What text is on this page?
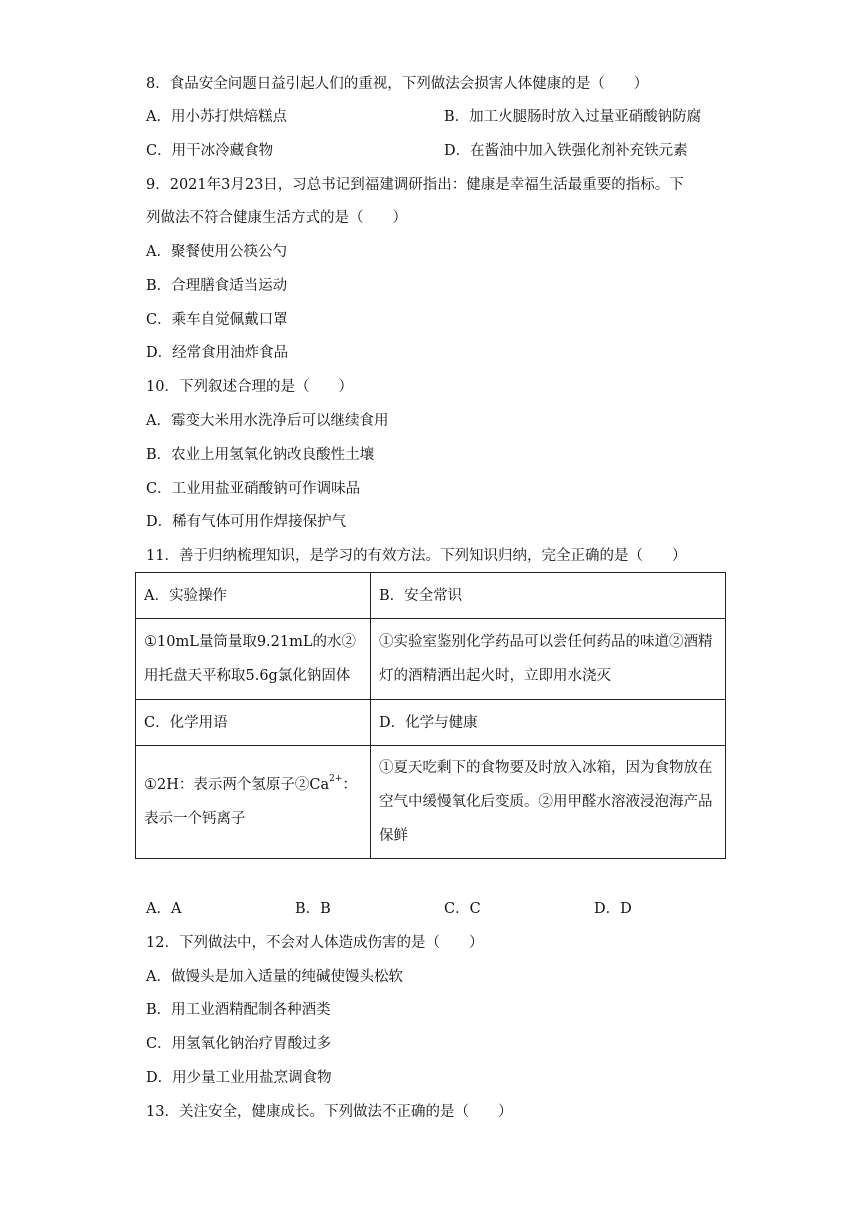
8．食品安全问题日益引起人们的重视，下列做法会损害人体健康的是（　　）
A．用小苏打烘焙糕点	B．加工火腿肠时放入过量亚硝酸钠防腐
C．用干冰冷藏食物	D．在酱油中加入铁强化剂补充铁元素
9．2021年3月23日，习总书记到福建调研指出：健康是幸福生活最重要的指标。下
列做法不符合健康生活方式的是（　　）
A．聚餐使用公筷公勺
B．合理膳食适当运动
C．乘车自觉佩戴口罩
D．经常食用油炸食品
10．下列叙述合理的是（　　）
A．霉变大米用水洗净后可以继续食用
B．农业上用氢氧化钠改良酸性土壤
C．工业用盐亚硝酸钠可作调味品
D．稀有气体可用作焊接保护气
11．善于归纳梳理知识，是学习的有效方法。下列知识归纳，完全正确的是（　　）
A．实验操作	B．安全常识
①10mL量筒量取9.21mL的水②用托盘天平称取5.6g氯化钠固体	①实验室鉴别化学药品可以尝任何药品的味道②酒精灯的酒精洒出起火时，立即用水浇灭
C．化学用语	D．化学与健康
①2H：表示两个氢原子$②Ca^{2+}$：表示一个钙离子	①夏天吃剩下的食物要及时放入冰箱，因为食物放在空气中缓慢氧化后变质。②用甲醛水溶液浸泡海产品保鲜
A．A	B．B	C．C	D．D
12．下列做法中，不会对人体造成伤害的是（　　）
A．做馒头是加入适量的纯碱使馒头松软
B．用工业酒精配制各种酒类
C．用氢氧化钠治疗胃酸过多
D．用少量工业用盐烹调食物
13．关注安全，健康成长。下列做法不正确的是（　　）
